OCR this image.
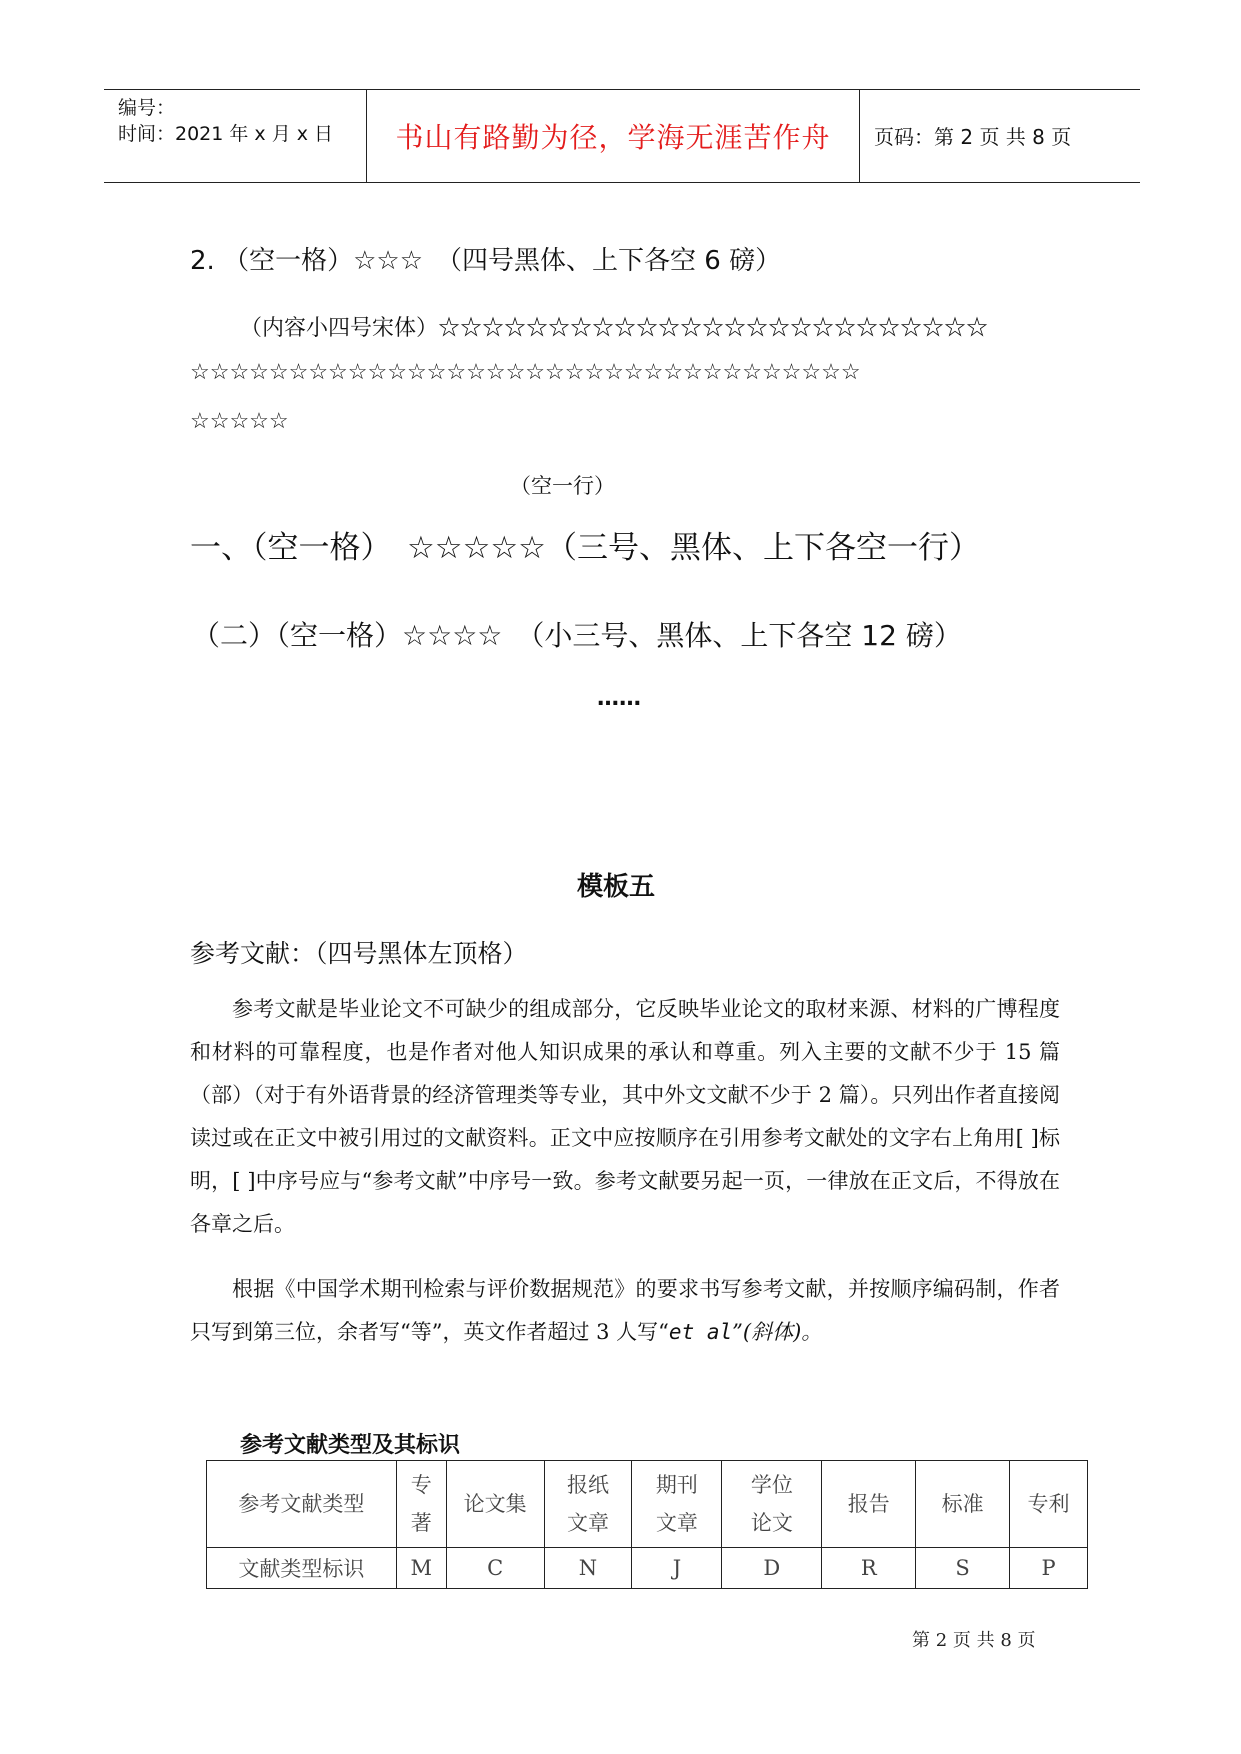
编号：
时间：2021 年 x 月 x 日	书山有路勤为径，学海无涯苦作舟	页码：第 2 页 共 8 页
2. （空一格）☆☆☆　（四号黑体、上下各空 6 磅）
（内容小四号宋体）☆☆☆☆☆☆☆☆☆☆☆☆☆☆☆☆☆☆☆☆☆☆☆☆☆
☆☆☆☆☆☆☆☆☆☆☆☆☆☆☆☆☆☆☆☆☆☆☆☆☆☆☆☆☆☆☆☆☆☆
☆☆☆☆☆
（空一行）
一、（空一格）　☆☆☆☆☆（三号、黑体、上下各空一行）
（二）（空一格）☆☆☆☆　（小三号、黑体、上下各空 12 磅）
……
模板五
参考文献：（四号黑体左顶格）

参考文献是毕业论文不可缺少的组成部分，它反映毕业论文的取材来源、材料的广博程度和材料的可靠程度，也是作者对他人知识成果的承认和尊重。列入主要的文献不少于 15 篇（部）（对于有外语背景的经济管理类等专业，其中外文文献不少于 2 篇）。只列出作者直接阅读过或在正文中被引用过的文献资料。正文中应按顺序在引用参考文献处的文字右上角用[ ]标明，[ ]中序号应与“参考文献”中序号一致。参考文献要另起一页，一律放在正文后，不得放在各章之后。

根据《中国学术期刊检索与评价数据规范》的要求书写参考文献，并按顺序编码制，作者只写到第三位，余者写“等”，英文作者超过 3 人写“et al”(斜体)。

参考文献类型及其标识
参考文献类型	专著	论文集	报纸文章	期刊文章	学位论文	报告	标准	专利
文献类型标识	M	C	N	J	D	R	S	P
第 2 页 共 8 页
